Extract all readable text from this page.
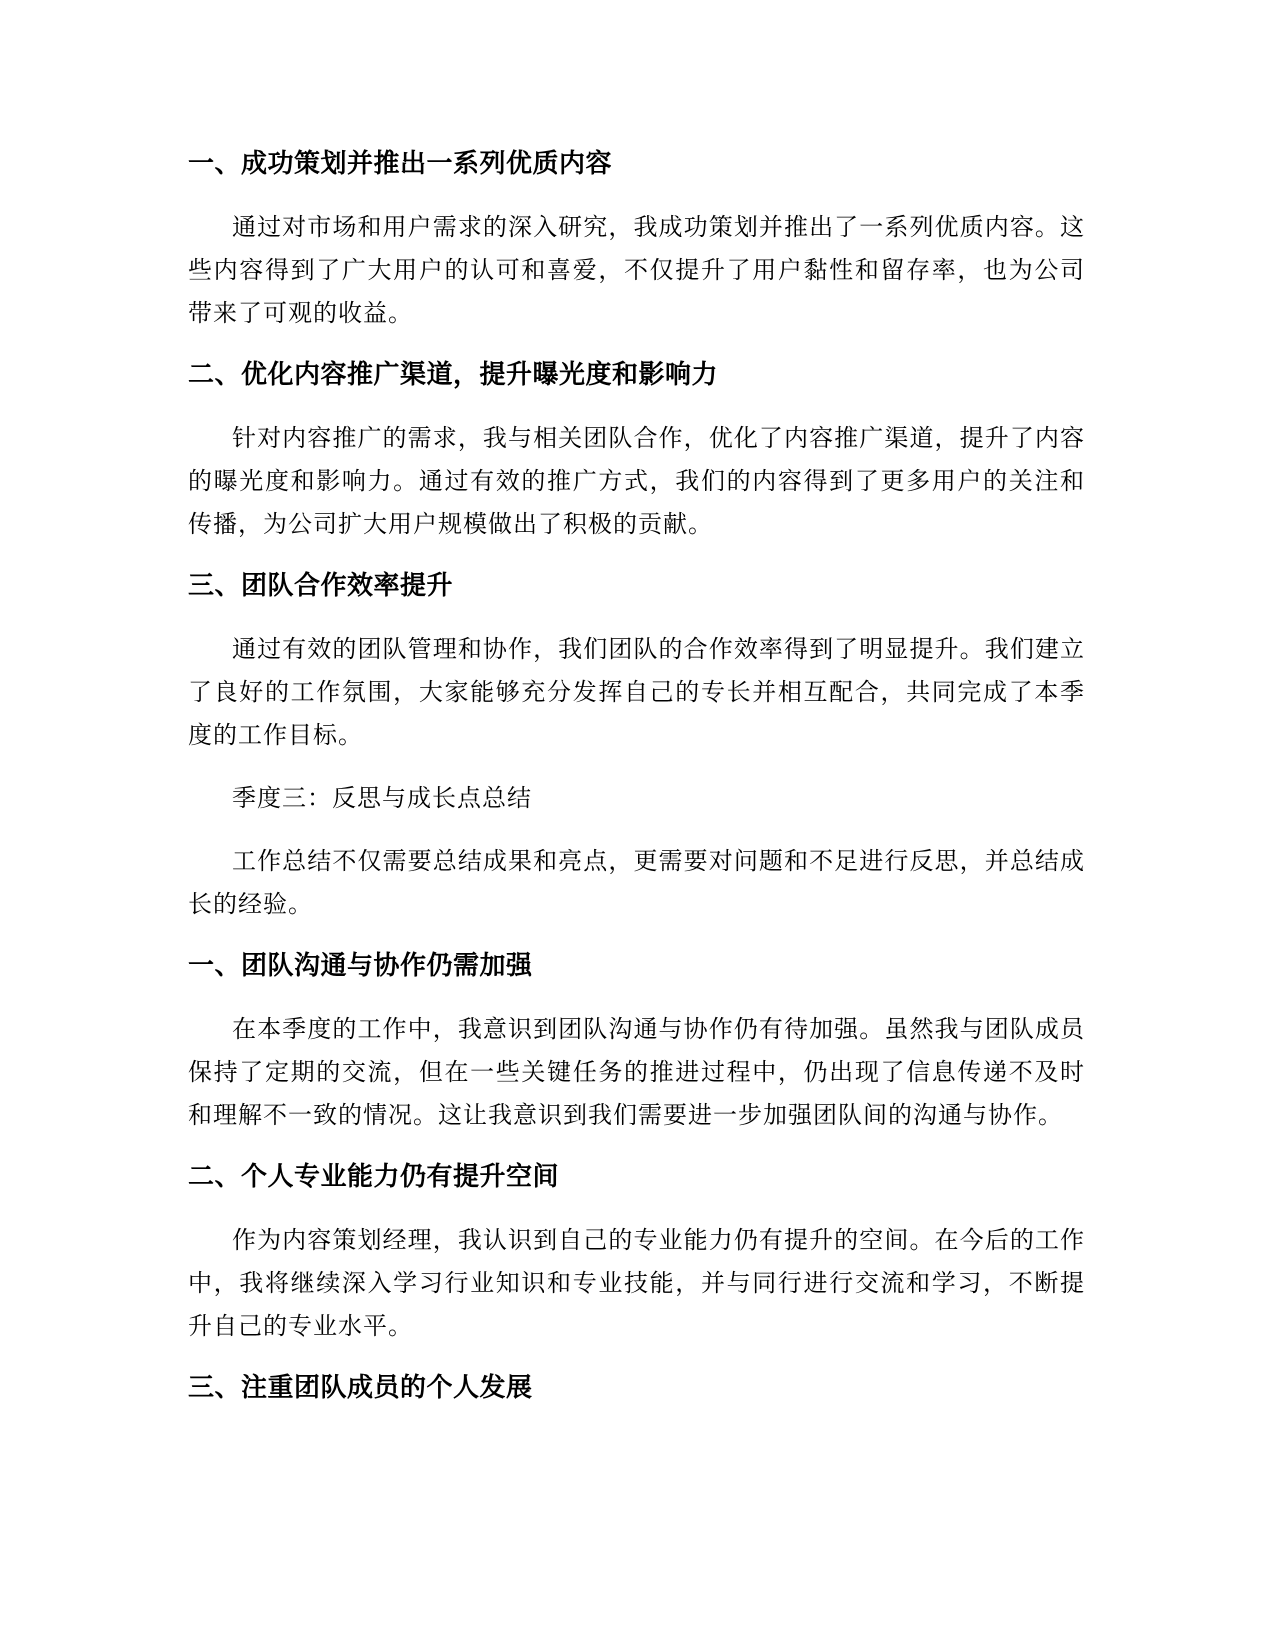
一、成功策划并推出一系列优质内容

通过对市场和用户需求的深入研究，我成功策划并推出了一系列优质内容。这些内容得到了广大用户的认可和喜爱，不仅提升了用户黏性和留存率，也为公司带来了可观的收益。

二、优化内容推广渠道，提升曝光度和影响力

针对内容推广的需求，我与相关团队合作，优化了内容推广渠道，提升了内容的曝光度和影响力。通过有效的推广方式，我们的内容得到了更多用户的关注和传播，为公司扩大用户规模做出了积极的贡献。

三、团队合作效率提升

通过有效的团队管理和协作，我们团队的合作效率得到了明显提升。我们建立了良好的工作氛围，大家能够充分发挥自己的专长并相互配合，共同完成了本季度的工作目标。

季度三：反思与成长点总结

工作总结不仅需要总结成果和亮点，更需要对问题和不足进行反思，并总结成长的经验。

一、团队沟通与协作仍需加强

在本季度的工作中，我意识到团队沟通与协作仍有待加强。虽然我与团队成员保持了定期的交流，但在一些关键任务的推进过程中，仍出现了信息传递不及时和理解不一致的情况。这让我意识到我们需要进一步加强团队间的沟通与协作。

二、个人专业能力仍有提升空间

作为内容策划经理，我认识到自己的专业能力仍有提升的空间。在今后的工作中，我将继续深入学习行业知识和专业技能，并与同行进行交流和学习，不断提升自己的专业水平。

三、注重团队成员的个人发展
